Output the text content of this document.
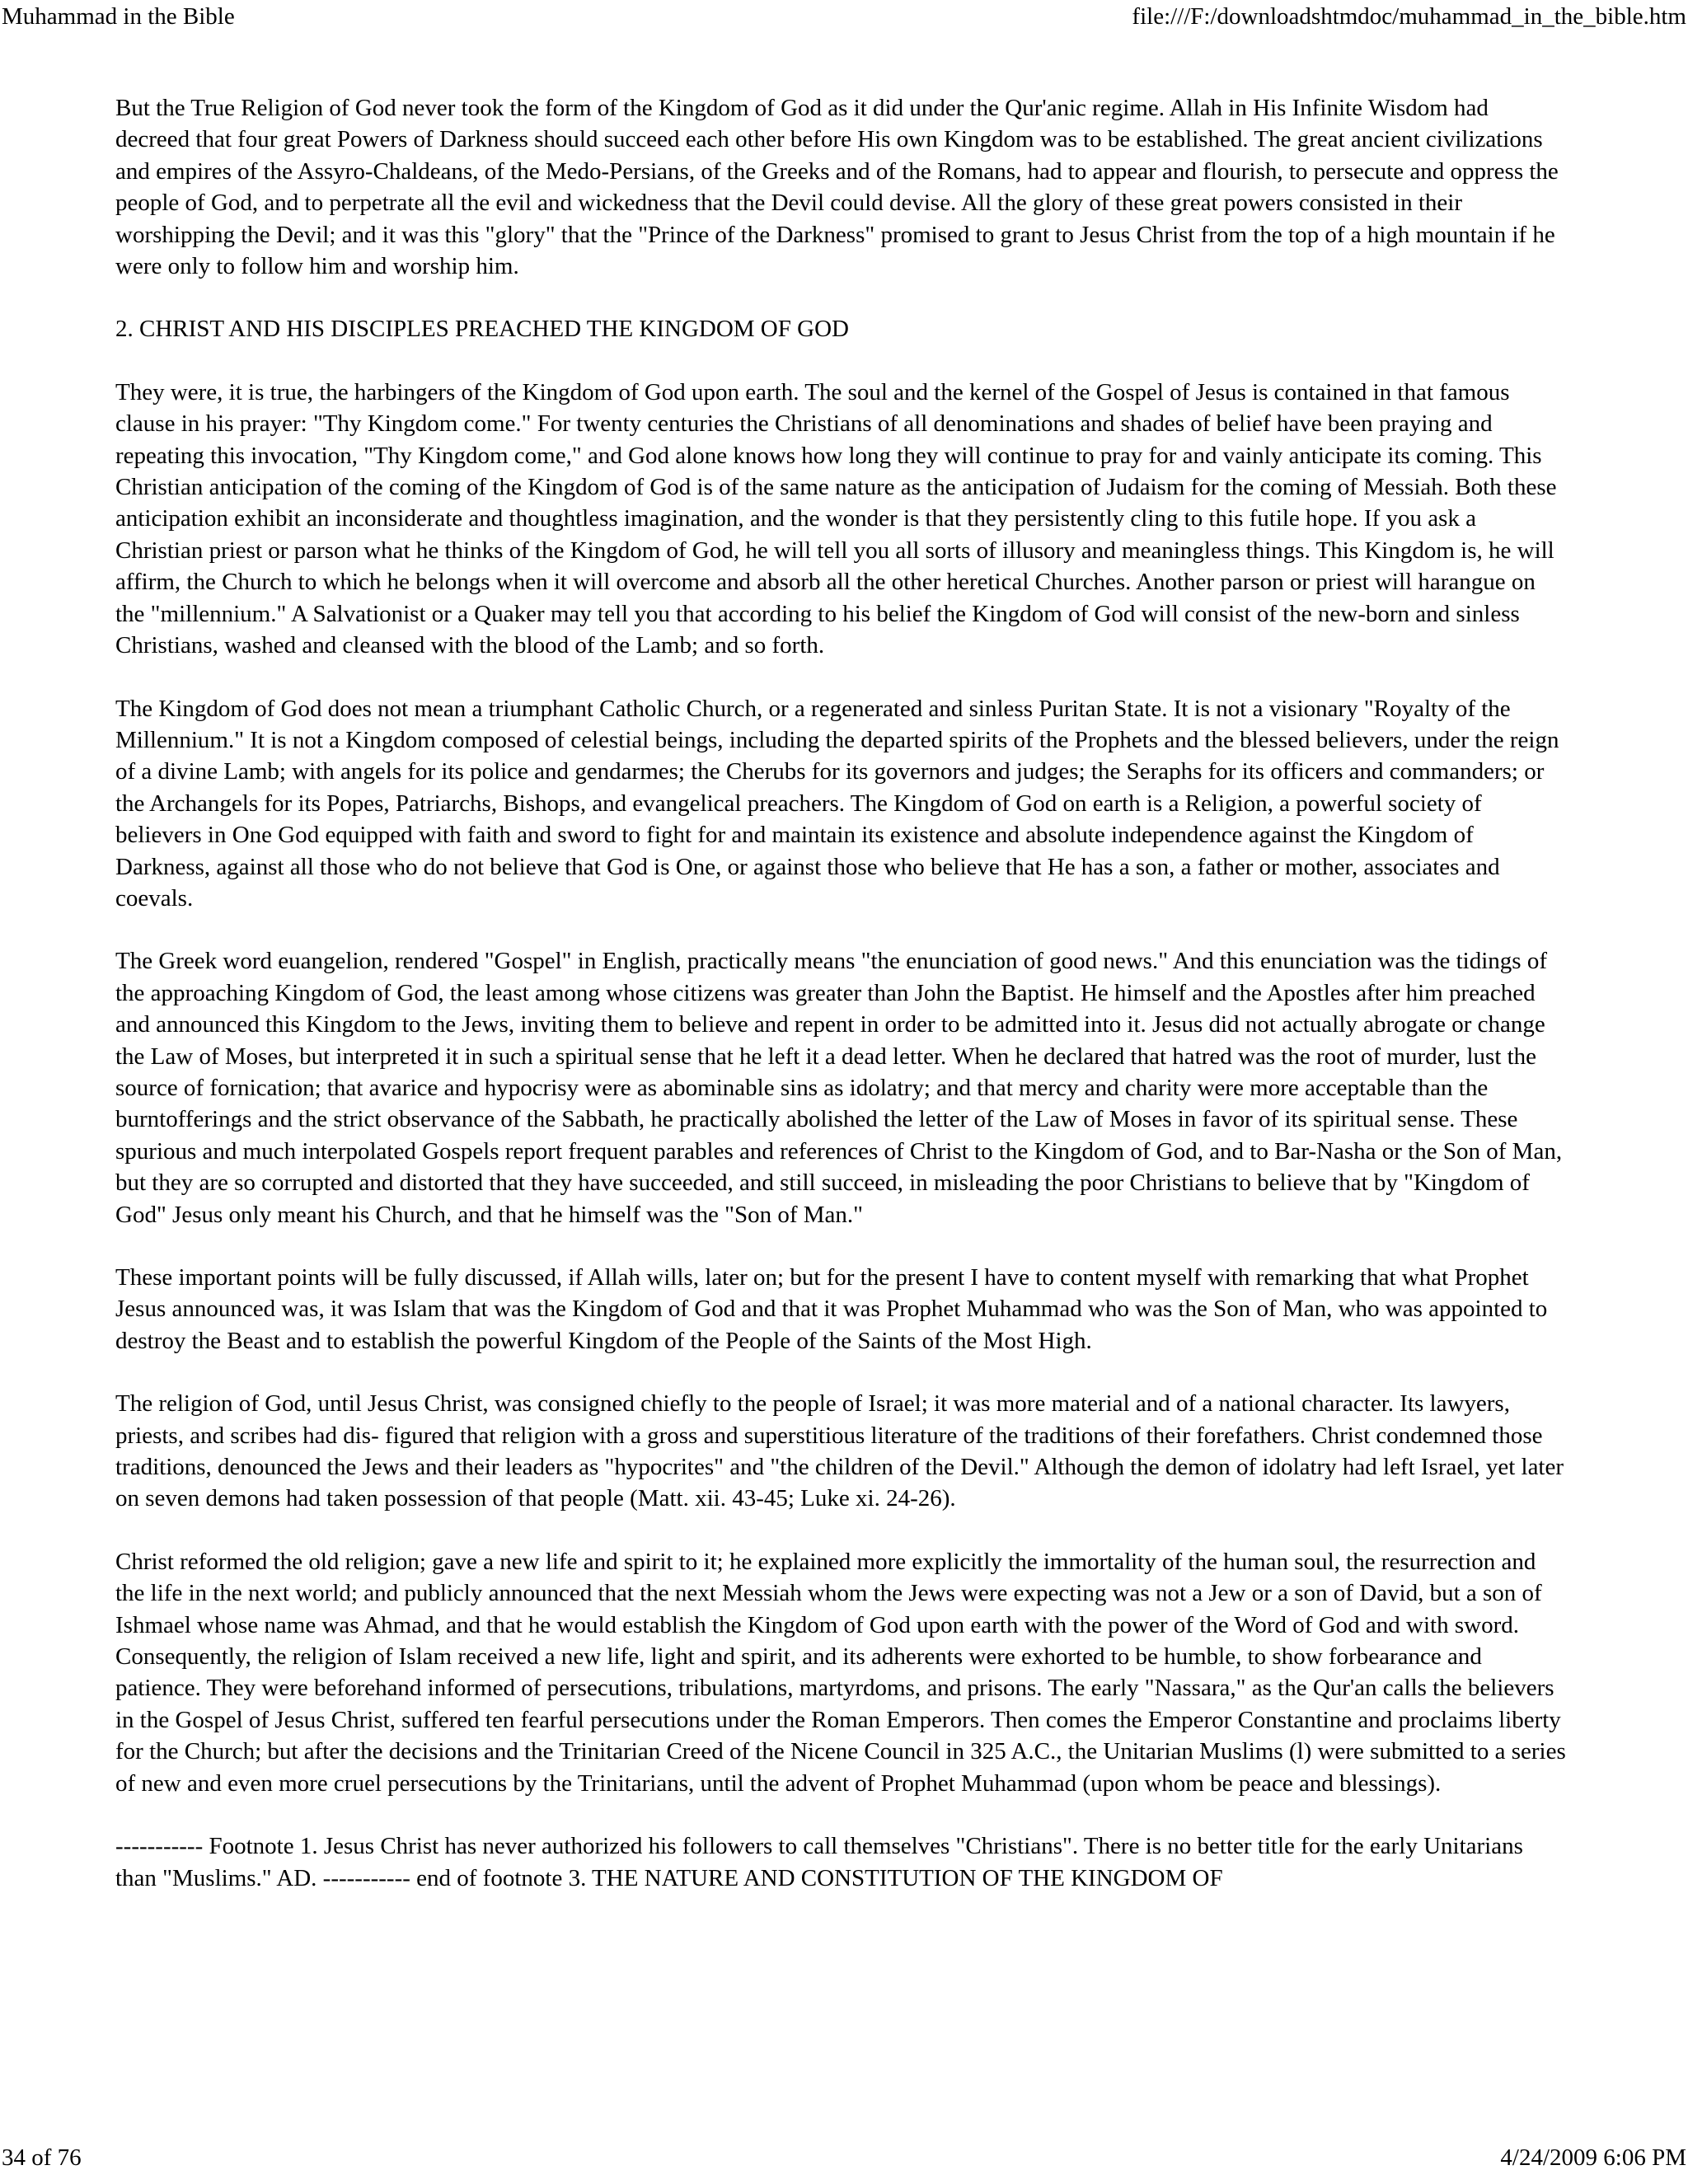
Muhammad in the Bible	file:///F:/downloadshtmdoc/muhammad_in_the_bible.htm

But the True Religion of God never took the form of the Kingdom of God as it did under the Qur'anic regime. Allah in His Infinite Wisdom had decreed that four great Powers of Darkness should succeed each other before His own Kingdom was to be established. The great ancient civilizations and empires of the Assyro-Chaldeans, of the Medo-Persians, of the Greeks and of the Romans, had to appear and flourish, to persecute and oppress the people of God, and to perpetrate all the evil and wickedness that the Devil could devise. All the glory of these great powers consisted in their worshipping the Devil; and it was this "glory" that the "Prince of the Darkness" promised to grant to Jesus Christ from the top of a high mountain if he were only to follow him and worship him.

2. CHRIST AND HIS DISCIPLES PREACHED THE KINGDOM OF GOD

They were, it is true, the harbingers of the Kingdom of God upon earth. The soul and the kernel of the Gospel of Jesus is contained in that famous clause in his prayer: "Thy Kingdom come." For twenty centuries the Christians of all denominations and shades of belief have been praying and repeating this invocation, "Thy Kingdom come," and God alone knows how long they will continue to pray for and vainly anticipate its coming. This Christian anticipation of the coming of the Kingdom of God is of the same nature as the anticipation of Judaism for the coming of Messiah. Both these anticipation exhibit an inconsiderate and thoughtless imagination, and the wonder is that they persistently cling to this futile hope. If you ask a Christian priest or parson what he thinks of the Kingdom of God, he will tell you all sorts of illusory and meaningless things. This Kingdom is, he will affirm, the Church to which he belongs when it will overcome and absorb all the other heretical Churches. Another parson or priest will harangue on the "millennium." A Salvationist or a Quaker may tell you that according to his belief the Kingdom of God will consist of the new-born and sinless Christians, washed and cleansed with the blood of the Lamb; and so forth.

The Kingdom of God does not mean a triumphant Catholic Church, or a regenerated and sinless Puritan State. It is not a visionary "Royalty of the Millennium." It is not a Kingdom composed of celestial beings, including the departed spirits of the Prophets and the blessed believers, under the reign of a divine Lamb; with angels for its police and gendarmes; the Cherubs for its governors and judges; the Seraphs for its officers and commanders; or the Archangels for its Popes, Patriarchs, Bishops, and evangelical preachers. The Kingdom of God on earth is a Religion, a powerful society of believers in One God equipped with faith and sword to fight for and maintain its existence and absolute independence against the Kingdom of Darkness, against all those who do not believe that God is One, or against those who believe that He has a son, a father or mother, associates and coevals.

The Greek word euangelion, rendered "Gospel" in English, practically means "the enunciation of good news." And this enunciation was the tidings of the approaching Kingdom of God, the least among whose citizens was greater than John the Baptist. He himself and the Apostles after him preached and announced this Kingdom to the Jews, inviting them to believe and repent in order to be admitted into it. Jesus did not actually abrogate or change the Law of Moses, but interpreted it in such a spiritual sense that he left it a dead letter. When he declared that hatred was the root of murder, lust the source of fornication; that avarice and hypocrisy were as abominable sins as idolatry; and that mercy and charity were more acceptable than the burntofferings and the strict observance of the Sabbath, he practically abolished the letter of the Law of Moses in favor of its spiritual sense. These spurious and much interpolated Gospels report frequent parables and references of Christ to the Kingdom of God, and to Bar-Nasha or the Son of Man, but they are so corrupted and distorted that they have succeeded, and still succeed, in misleading the poor Christians to believe that by "Kingdom of God" Jesus only meant his Church, and that he himself was the "Son of Man."

These important points will be fully discussed, if Allah wills, later on; but for the present I have to content myself with remarking that what Prophet Jesus announced was, it was Islam that was the Kingdom of God and that it was Prophet Muhammad who was the Son of Man, who was appointed to destroy the Beast and to establish the powerful Kingdom of the People of the Saints of the Most High.

The religion of God, until Jesus Christ, was consigned chiefly to the people of Israel; it was more material and of a national character. Its lawyers, priests, and scribes had dis- figured that religion with a gross and superstitious literature of the traditions of their forefathers. Christ condemned those traditions, denounced the Jews and their leaders as "hypocrites" and "the children of the Devil." Although the demon of idolatry had left Israel, yet later on seven demons had taken possession of that people (Matt. xii. 43-45; Luke xi. 24-26).

Christ reformed the old religion; gave a new life and spirit to it; he explained more explicitly the immortality of the human soul, the resurrection and the life in the next world; and publicly announced that the next Messiah whom the Jews were expecting was not a Jew or a son of David, but a son of Ishmael whose name was Ahmad, and that he would establish the Kingdom of God upon earth with the power of the Word of God and with sword. Consequently, the religion of Islam received a new life, light and spirit, and its adherents were exhorted to be humble, to show forbearance and patience. They were beforehand informed of persecutions, tribulations, martyrdoms, and prisons. The early "Nassara," as the Qur'an calls the believers in the Gospel of Jesus Christ, suffered ten fearful persecutions under the Roman Emperors. Then comes the Emperor Constantine and proclaims liberty for the Church; but after the decisions and the Trinitarian Creed of the Nicene Council in 325 A.C., the Unitarian Muslims (l) were submitted to a series of new and even more cruel persecutions by the Trinitarians, until the advent of Prophet Muhammad (upon whom be peace and blessings).

----------- Footnote 1. Jesus Christ has never authorized his followers to call themselves "Christians". There is no better title for the early Unitarians than "Muslims." AD. ----------- end of footnote 3. THE NATURE AND CONSTITUTION OF THE KINGDOM OF

34 of 76	4/24/2009 6:06 PM
